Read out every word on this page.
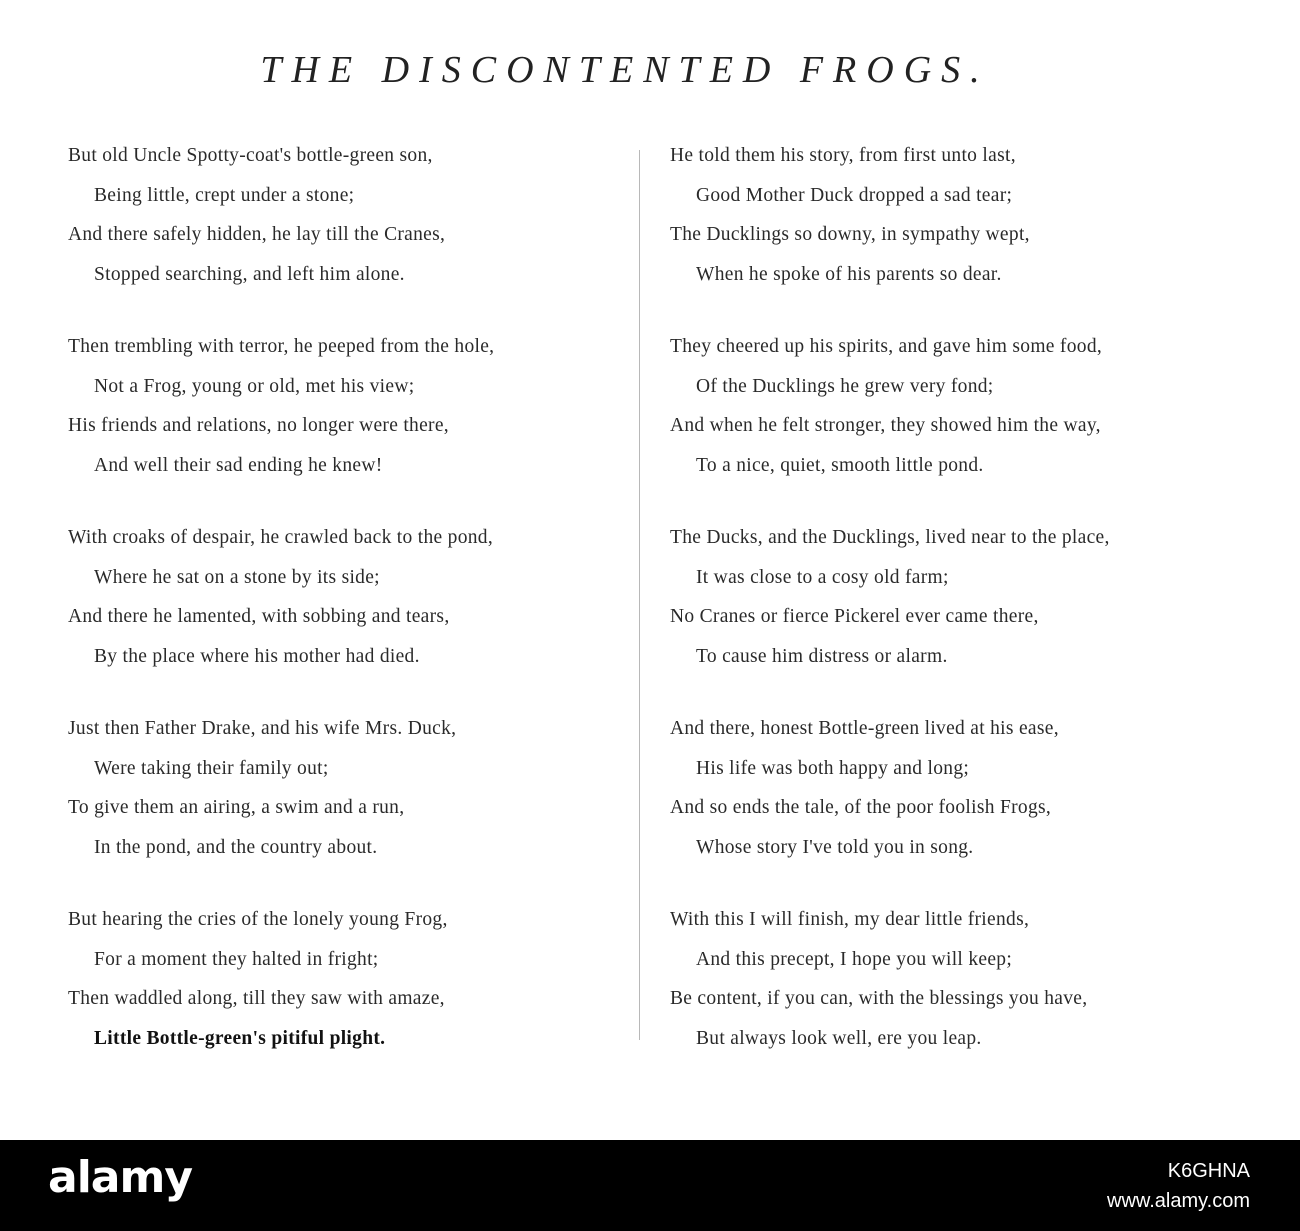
THE DISCONTENTED FROGS.
But old Uncle Spotty-coat's bottle-green son,
Being little, crept under a stone;
And there safely hidden, he lay till the Cranes,
Stopped searching, and left him alone.
Then trembling with terror, he peeped from the hole,
Not a Frog, young or old, met his view;
His friends and relations, no longer were there,
And well their sad ending he knew!
With croaks of despair, he crawled back to the pond,
Where he sat on a stone by its side;
And there he lamented, with sobbing and tears,
By the place where his mother had died.
Just then Father Drake, and his wife Mrs. Duck,
Were taking their family out;
To give them an airing, a swim and a run,
In the pond, and the country about.
But hearing the cries of the lonely young Frog,
For a moment they halted in fright;
Then waddled along, till they saw with amaze,
Little Bottle-green's pitiful plight.
He told them his story, from first unto last,
Good Mother Duck dropped a sad tear;
The Ducklings so downy, in sympathy wept,
When he spoke of his parents so dear.
They cheered up his spirits, and gave him some food,
Of the Ducklings he grew very fond;
And when he felt stronger, they showed him the way,
To a nice, quiet, smooth little pond.
The Ducks, and the Ducklings, lived near to the place,
It was close to a cosy old farm;
No Cranes or fierce Pickerel ever came there,
To cause him distress or alarm.
And there, honest Bottle-green lived at his ease,
His life was both happy and long;
And so ends the tale, of the poor foolish Frogs,
Whose story I've told you in song.
With this I will finish, my dear little friends,
And this precept, I hope you will keep;
Be content, if you can, with the blessings you have,
But always look well, ere you leap.
alamy	K6GHNA
www.alamy.com
